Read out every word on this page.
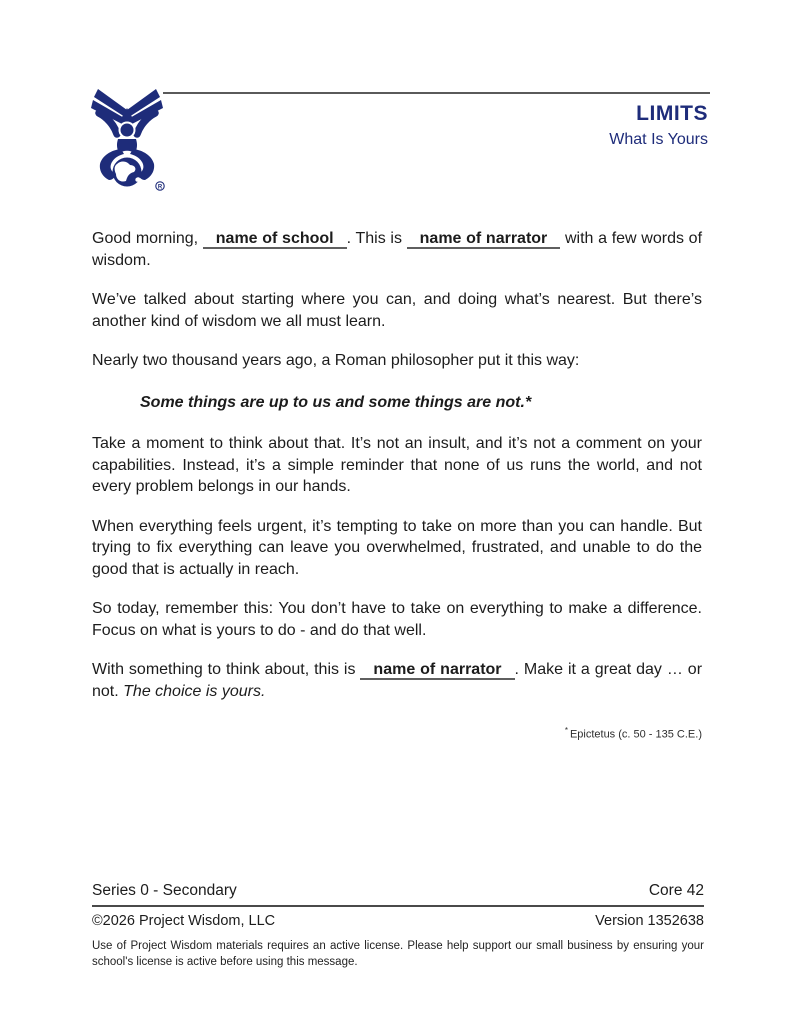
R
LIMITS
What Is Yours

Good morning, name of school . This is name of narrator with a few words of wisdom.

We’ve talked about starting where you can, and doing what’s nearest. But there’s another kind of wisdom we all must learn.

Nearly two thousand years ago, a Roman philosopher put it this way:

Some things are up to us and some things are not.*

Take a moment to think about that. It’s not an insult, and it’s not a comment on your capabilities. Instead, it’s a simple reminder that none of us runs the world, and not every problem belongs in our hands.

When everything feels urgent, it’s tempting to take on more than you can handle. But trying to fix everything can leave you overwhelmed, frustrated, and unable to do the good that is actually in reach.

So today, remember this: You don’t have to take on everything to make a difference. Focus on what is yours to do - and do that well.

With something to think about, this is name of narrator . Make it a great day … or not. The choice is yours.

* Epictetus (c. 50 - 135 C.E.)
Series 0 - Secondary	Core 42
©2026 Project Wisdom, LLC	Version 1352638
Use of Project Wisdom materials requires an active license. Please help support our small business by ensuring your school's license is active before using this message.
